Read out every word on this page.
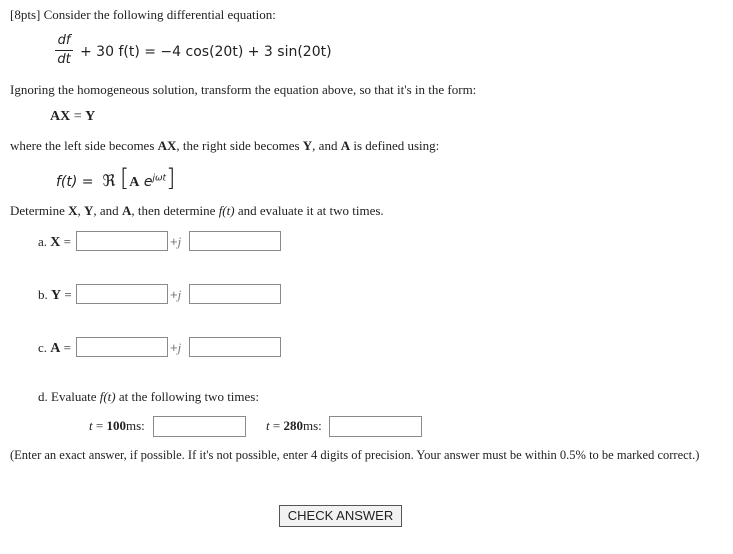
[8pts] Consider the following differential equation:
df
dt + 30 f(t) = −4 cos(20t) + 3 sin(20t)
Ignoring the homogeneous solution, transform the equation above, so that it's in the form:
AX = Y
where the left side becomes AX, the right side becomes Y, and A is defined using:
f(t) = ℜ [A $e^{j\omega t}$]
Determine X, Y, and A, then determine f(t) and evaluate it at two times.
a. X =	+j
b. Y =	+j
c. A =	+j
d. Evaluate f(t) at the following two times:
t = 100ms:	t = 280ms:
(Enter an exact answer, if possible. If it's not possible, enter 4 digits of precision. Your answer must be within 0.5% to be marked correct.)
CHECK ANSWER
